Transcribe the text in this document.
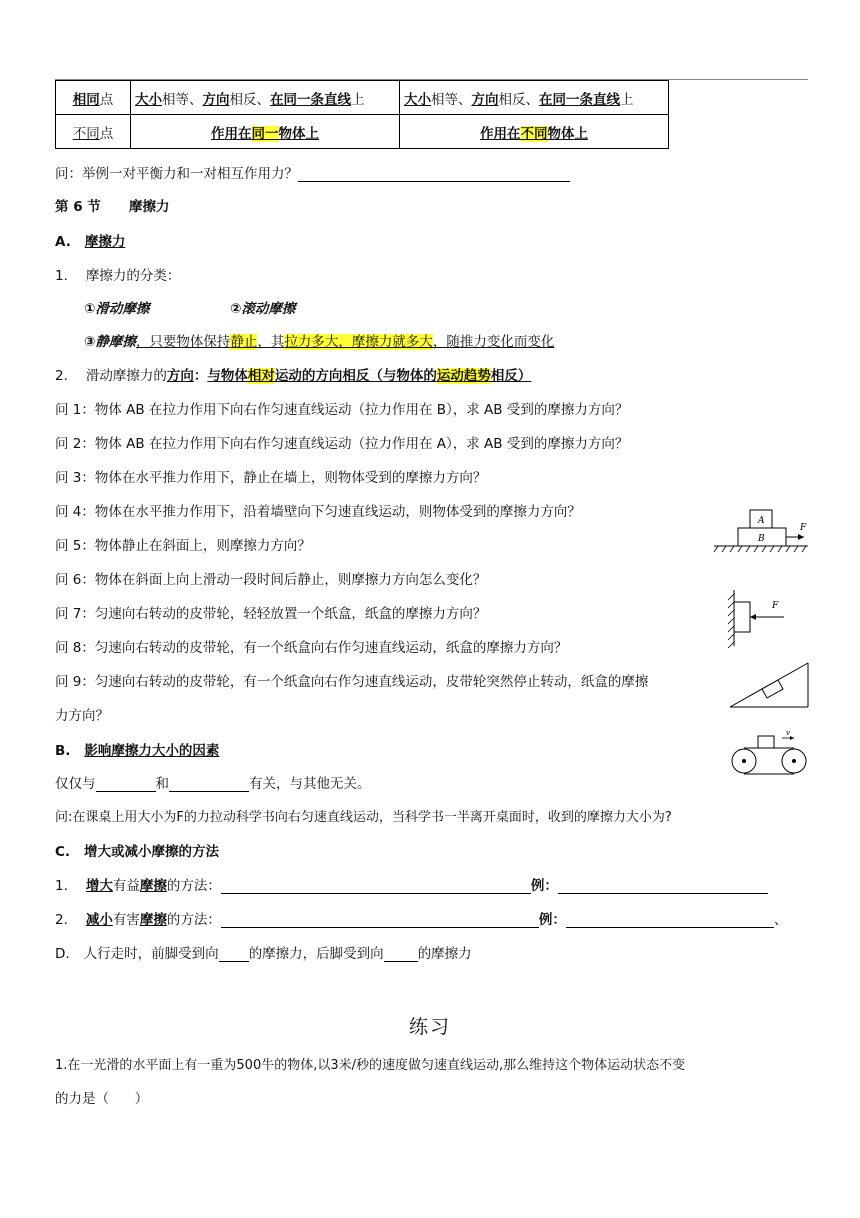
相同点	大小相等、方向相反、在同一条直线上	大小相等、方向相反、在同一条直线上
不同点	作用在同一物体上	作用在不同物体上
问：举例一对平衡力和一对相互作用力？
第 6 节      摩擦力
A. 摩擦力
1. 摩擦力的分类：
①滑动摩擦	②滚动摩擦
③静摩擦，只要物体保持静止，其拉力多大，摩擦力就多大，随推力变化而变化
2. 滑动摩擦力的方向：与物体相对运动的方向相反（与物体的运动趋势相反）
问 1：物体 AB 在拉力作用下向右作匀速直线运动（拉力作用在 B），求 AB 受到的摩擦力方向？
问 2：物体 AB 在拉力作用下向右作匀速直线运动（拉力作用在 A），求 AB 受到的摩擦力方向？
问 3：物体在水平推力作用下，静止在墙上，则物体受到的摩擦力方向？
问 4：物体在水平推力作用下，沿着墙壁向下匀速直线运动，则物体受到的摩擦力方向？
问 5：物体静止在斜面上，则摩擦力方向？
问 6：物体在斜面上向上滑动一段时间后静止，则摩擦力方向怎么变化？
问 7：匀速向右转动的皮带轮，轻轻放置一个纸盒，纸盒的摩擦力方向？
问 8：匀速向右转动的皮带轮，有一个纸盒向右作匀速直线运动，纸盒的摩擦力方向？
问 9：匀速向右转动的皮带轮，有一个纸盒向右作匀速直线运动，皮带轮突然停止转动，纸盒的摩擦
力方向？
B. 影响摩擦力大小的因素
仅仅与	和	有关，与其他无关。
问:在课桌上用大小为F的力拉动科学书向右匀速直线运动，当科学书一半离开桌面时，收到的摩擦力大小为?
C. 增大或减小摩擦的方法
1. 增大有益摩擦的方法：	例：
2. 减小有害摩擦的方法：	例：	、
D. 人行走时，前脚受到向 的摩擦力，后脚受到向	的摩擦力
练习
1.在一光滑的水平面上有一重为500牛的物体,以3米/秒的速度做匀速直线运动,那么维持这个物体运动状态不变
的力是（      ）
A
B
F
F
v
